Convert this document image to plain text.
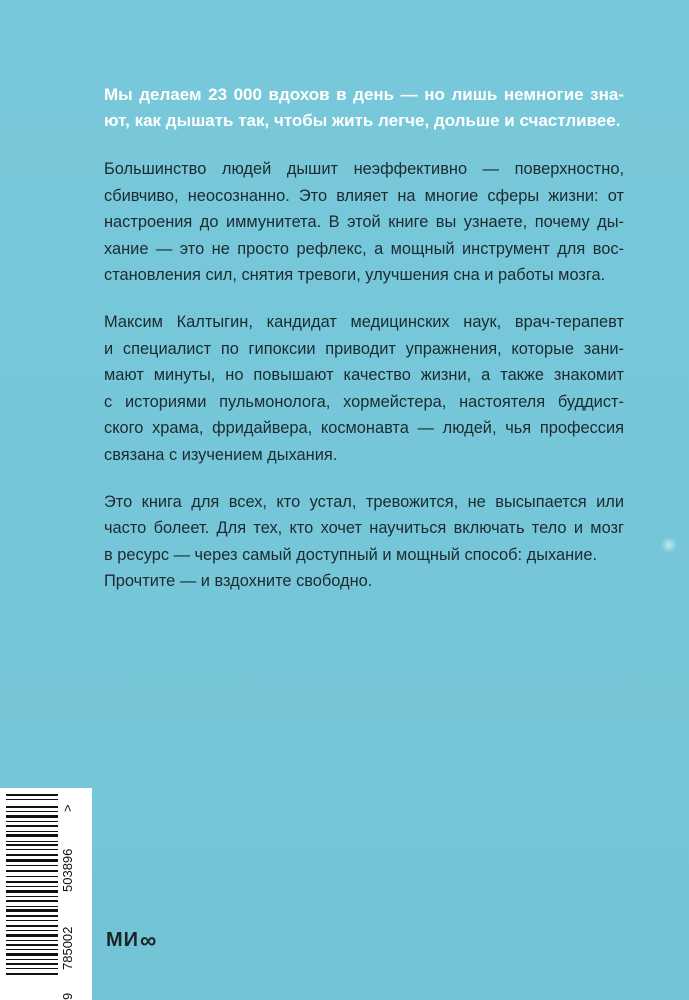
Мы делаем 23 000 вдохов в день — но лишь немногие зна-
ют, как дышать так, чтобы жить легче, дольше и счастливее.

Большинство людей дышит неэффективно — поверхностно,
сбивчиво, неосознанно. Это влияет на многие сферы жизни: от
настроения до иммунитета. В этой книге вы узнаете, почему ды-
хание — это не просто рефлекс, а мощный инструмент для вос-
становления сил, снятия тревоги, улучшения сна и работы мозга.

Максим Калтыгин, кандидат медицинских наук, врач-терапевт
и специалист по гипоксии приводит упражнения, которые зани-
мают минуты, но повышают качество жизни, а также знакомит
с историями пульмонолога, хормейстера, настоятеля буддист-
ского храма, фридайвера, космонавта — людей, чья профессия
связана с изучением дыхания.

Это книга для всех, кто устал, тревожится, не высыпается или
часто болеет. Для тех, кто хочет научиться включать тело и мозг
в ресурс — через самый доступный и мощный способ: дыхание.
Прочтите — и вздохните свободно.

9
785002
503896
>
МИ ∞
